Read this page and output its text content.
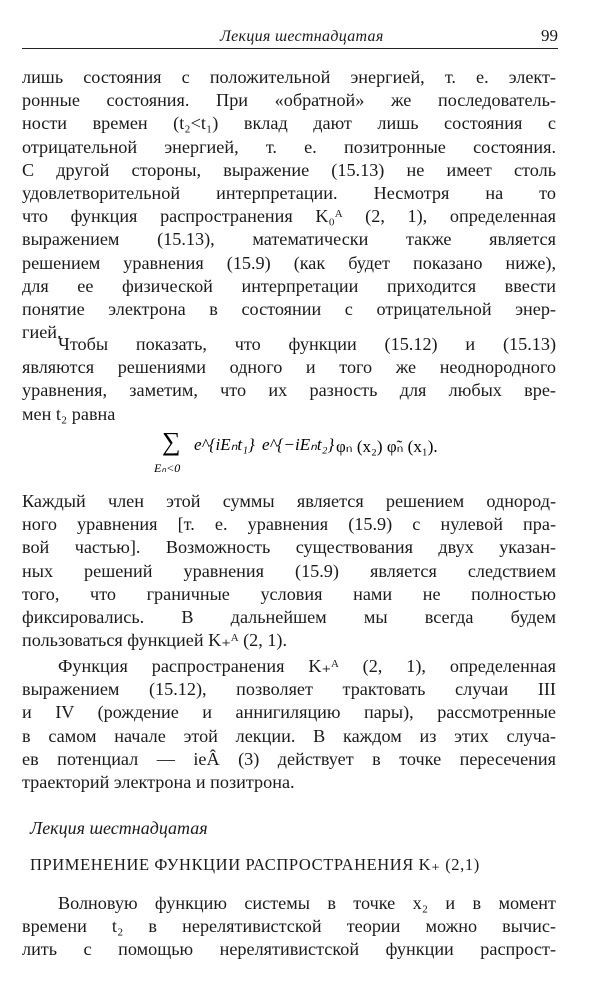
Лекция шестнадцатая	99
лишь состояния с положительной энергией, т. е. элект-
ронные состояния. При «обратной» же последователь-
ности времен (t₂<t₁) вклад дают лишь состояния с
отрицательной энергией, т. е. позитронные состояния.
С другой стороны, выражение (15.13) не имеет столь
удовлетворительной интерпретации. Несмотря на то
что функция распространения K₀ᴬ (2, 1), определенная
выражением (15.13), математически также является
решением уравнения (15.9) (как будет показано ниже),
для ее физической интерпретации приходится ввести
понятие электрона в состоянии с отрицательной энер-
гией.
Чтобы показать, что функции (15.12) и (15.13)
являются решениями одного и того же неоднородного
уравнения, заметим, что их разность для любых вре-
мен t₂ равна
∑
Eₙ<0
e^{iEₙt₁} e^{−iEₙt₂} φₙ (x₂) φ̃ₙ (x₁).
Каждый член этой суммы является решением однород-
ного уравнения [т. е. уравнения (15.9) с нулевой пра-
вой частью]. Возможность существования двух указан-
ных решений уравнения (15.9) является следствием
того, что граничные условия нами не полностью
фиксировались. В дальнейшем мы всегда будем
пользоваться функцией K₊ᴬ (2, 1).
Функция распространения K₊ᴬ (2, 1), определенная
выражением (15.12), позволяет трактовать случаи III
и IV (рождение и аннигиляцию пары), рассмотренные
в самом начале этой лекции. В каждом из этих случа-
ев потенциал — ieÂ (3) действует в точке пересечения
траекторий электрона и позитрона.
Лекция шестнадцатая
ПРИМЕНЕНИЕ ФУНКЦИИ РАСПРОСТРАНЕНИЯ K₊ (2,1)
Волновую функцию системы в точке x₂ и в момент
времени t₂ в нерелятивистской теории можно вычис-
лить с помощью нерелятивистской функции распрост-
